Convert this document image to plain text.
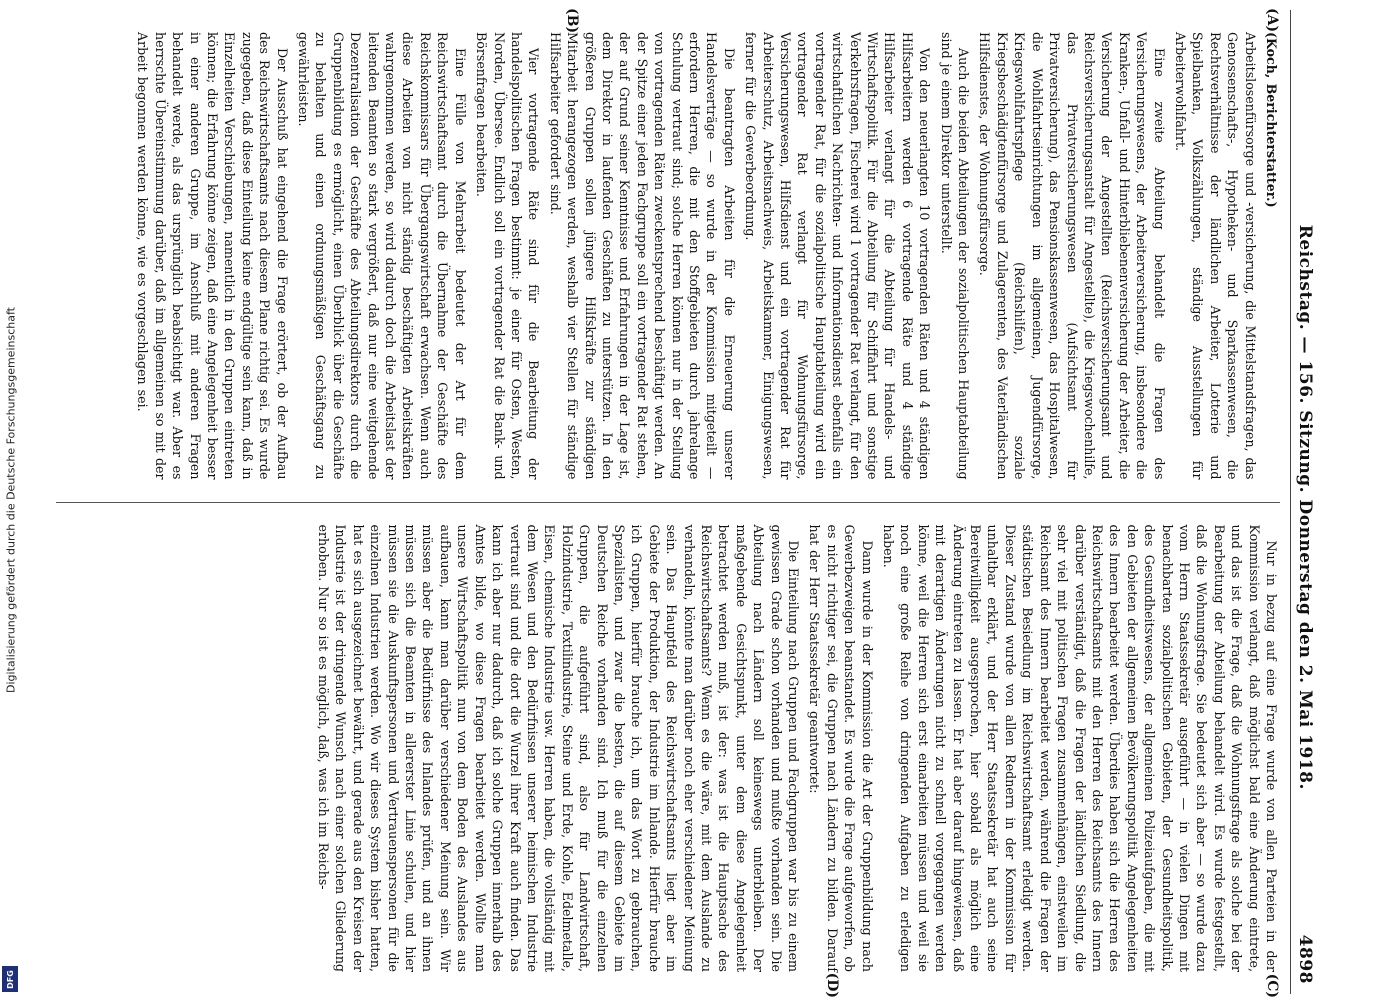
Digitalisierung gefördert durch die Deutsche Forschungsgemeinschaft
DFG
Reichstag. — 156. Sitzung. Donnerstag den 2. Mai 1918.
4898
(A)
(B)

(Koch, Berichterstatter.)

Arbeitslosenfürsorge und -versicherung, die Mittelstandsfragen, das Genossenschafts-, Hypotheken- und Sparkassenwesen, die Rechtsverhältnisse der ländlichen Arbeiter, Lotterie und Spielbanken, Volkszählungen, ständige Ausstellungen für Arbeiterwohlfahrt.

Eine zweite Abteilung behandelt die Fragen des Versicherungswesens, der Arbeiterversicherung, insbesondere die Kranken-, Unfall- und Hinterbliebenenversicherung der Arbeiter, die Versicherung der Angestellten (Reichsversicherungsamt und Reichsversicherungsanstalt für Angestellte), die Kriegswochenhilfe, das Privatversicherungswesen (Aufsichtsamt für Privatversicherung), das Pensionskassenwesen, das Hospitalwesen, die Wohlfahrtseinrichtungen im allgemeinen, Jugendfürsorge, Kriegswohlfahrtspflege (Reichshilfen), soziale Kriegsbeschädigtenfürsorge und Zulagerenten, des Vaterländischen Hilfsdienstes, der Wohnungsfürsorge.

Auch die beiden Abteilungen der sozialpolitischen Hauptabteilung sind je einem Direktor unterstellt.

Von den neuerlangten 10 vortragenden Räten und 4 ständigen Hilfsarbeitern werden 6 vortragende Räte und 4 ständige Hilfsarbeiter verlangt für die Abteilung für Handels- und Wirtschaftspolitik. Für die Abteilung für Schiffahrt und sonstige Verkehrsfragen, Fischerei wird 1 vortragender Rat verlangt, für den wirtschaftlichen Nachrichten- und Informationsdienst ebenfalls ein vortragender Rat, für die sozialpolitische Hauptabteilung wird ein vortragender Rat verlangt für Wohnungsfürsorge, Versicherungswesen, Hilfsdienst und ein vortragender Rat für Arbeiterschutz, Arbeitsnachweis, Arbeitskammer, Einigungswesen, ferner für die Gewerbeordnung.

Die beantragten Arbeiten für die Erneuerung unserer Handelsverträge — so wurde in der Kommission mitgeteilt — erfordern Herren, die mit den Stoffgebieten durch jahrelange Schulung vertraut sind; solche Herren können nur in der Stellung von vortragenden Räten zweckentsprechend beschäftigt werden. An der Spitze einer jeden Fachgruppe soll ein vortragender Rat stehen, der auf Grund seiner Kenntnisse und Erfahrungen in der Lage ist, dem Direktor in laufenden Geschäften zu unterstützen. In den größeren Gruppen sollen jüngere Hilfskräfte zur ständigen Mitarbeit herangezogen werden, weshalb vier Stellen für ständige Hilfsarbeiter gefordert sind.

Vier vortragende Räte sind für die Bearbeitung der handelspolitischen Fragen bestimmt: je einer für Osten, Westen, Norden, Übersee. Endlich soll ein vortragender Rat die Bank- und Börsenfragen bearbeiten.

Eine Fülle von Mehrarbeit bedeutet der Art für dem Reichswirtschaftsamt durch die Übernahme der Geschäfte des Reichskommissars für Übergangswirtschaft erwachsen. Wenn auch diese Arbeiten von nicht ständig beschäftigten Arbeitskräften wahrgenommen werden, so wird dadurch doch die Arbeitslast der leitenden Beamten so stark vergrößert, daß nur eine weitgehende Dezentralisation der Geschäfte des Abteilungsdirektors durch die Gruppenbildung es ermöglicht, einen Überblick über die Geschäfte zu behalten und einen ordnungsmäßigen Geschäftsgang zu gewährleisten.

Der Ausschuß hat eingehend die Frage erörtert, ob der Aufbau des Reichswirtschaftsamts nach diesem Plane richtig sei. Es wurde zugegeben, daß diese Einteilung keine endgültige sein kann, daß in Einzelheiten Verschiebungen, namentlich in den Gruppen eintreten können; die Erfahrung könne zeigen, daß eine Angelegenheit besser in einer anderen Gruppe, im Anschluß mit anderen Fragen behandelt werde, als das ursprünglich beabsichtigt war. Aber es herrschte Übereinstimmung darüber, daß im allgemeinen so mit der Arbeit begonnen werden könne, wie es vorgeschlagen sei.

(C)
(D)

Nur in bezug auf eine Frage wurde von allen Parteien in der Kommission verlangt, daß möglichst bald eine Änderung eintrete, und das ist die Frage, daß die Wohnungsfrage als solche bei der Bearbeitung der Abteilung behandelt wird. Es wurde festgestellt, daß die Wohnungsfrage. Sie bedeutet sich aber — so wurde dazu vom Herrn Staatssekretär ausgeführt — in vielen Dingen mit benachbarten sozialpolitischen Gebieten, der Gesundheitspolitik, des Gesundheitswesens, der allgemeinen Polizeiaufgaben, die mit den Gebieten der allgemeinen Bevölkerungspolitik Angelegenheiten des Innern bearbeitet werden. Überdies haben sich die Herren des Reichswirtschaftsamts mit den Herren des Reichsamts des Innern darüber verständigt, daß die Fragen der ländlichen Siedlung, die sehr viel mit politischen Fragen zusammenhängen, einstweilen im Reichsamt des Innern bearbeitet werden, während die Fragen der städtischen Besiedlung im Reichswirtschaftsamt erledigt werden. Dieser Zustand wurde von allen Rednern in der Kommission für unhaltbar erklärt, und der Herr Staatssekretär hat auch seine Bereitwilligkeit ausgesprochen, hier sobald als möglich eine Änderung eintreten zu lassen. Er hat aber darauf hingewiesen, daß mit derartigen Änderungen nicht zu schnell vorgegangen werden könne, weil die Herren sich erst einarbeiten müssen und weil sie noch eine große Reihe von dringenden Aufgaben zu erledigen haben.

Dann wurde in der Kommission die Art der Gruppenbildung nach Gewerbezweigen beanstandet. Es wurde die Frage aufgeworfen, ob es nicht richtiger sei, die Gruppen nach Ländern zu bilden. Darauf hat der Herr Staatssekretär geantwortet:

Die Einteilung nach Gruppen und Fachgruppen war bis zu einem gewissen Grade schon vorhanden und mußte vorhanden sein. Die Abteilung nach Ländern soll keineswegs unterbleiben. Der maßgebende Gesichtspunkt, unter dem diese Angelegenheit betrachtet werden muß, ist der: was ist die Hauptsache des Reichswirtschaftsamts? Wenn es die wäre, mit dem Auslande zu verhandeln, könnte man darüber noch eher verschiedener Meinung sein. Das Hauptfeld des Reichswirtschaftsamts liegt aber im Gebiete der Produktion, der Industrie im Inlande. Hierfür brauche ich Gruppen, hierfür brauche ich, um das Wort zu gebrauchen, Spezialisten, und zwar die besten, die auf diesem Gebiete im Deutschen Reiche vorhanden sind. Ich muß für die einzelnen Gruppen, die aufgeführt sind, also für Landwirtschaft, Holzindustrie, Textilindustrie, Steine und Erde, Kohle, Edelmetalle, Eisen, chemische Industrie usw. Herren haben, die vollständig mit dem Wesen und den Bedürfnissen unserer heimischen Industrie vertraut sind und die dort die Wurzel ihrer Kraft auch finden. Das kann ich aber nur dadurch, daß ich solche Gruppen innerhalb des Amtes bilde, wo diese Fragen bearbeitet werden. Wollte man unsere Wirtschaftspolitik nun von dem Boden des Auslandes aus aufbauen, kann man darüber verschiedener Meinung sein. Wir müssen aber die Bedürfnisse des Inlandes prüfen, und an ihnen müssen sich die Beamten in allererster Linie schulen, und hier müssen sie die Auskunftspersonen und Vertrauenspersonen für die einzelnen Industrien werden. Wo wir dieses System bisher hatten, hat es sich ausgezeichnet bewährt, und gerade aus den Kreisen der Industrie ist der dringende Wunsch nach einer solchen Gliederung erhoben. Nur so ist es möglich, daß, was ich im Reichs-
